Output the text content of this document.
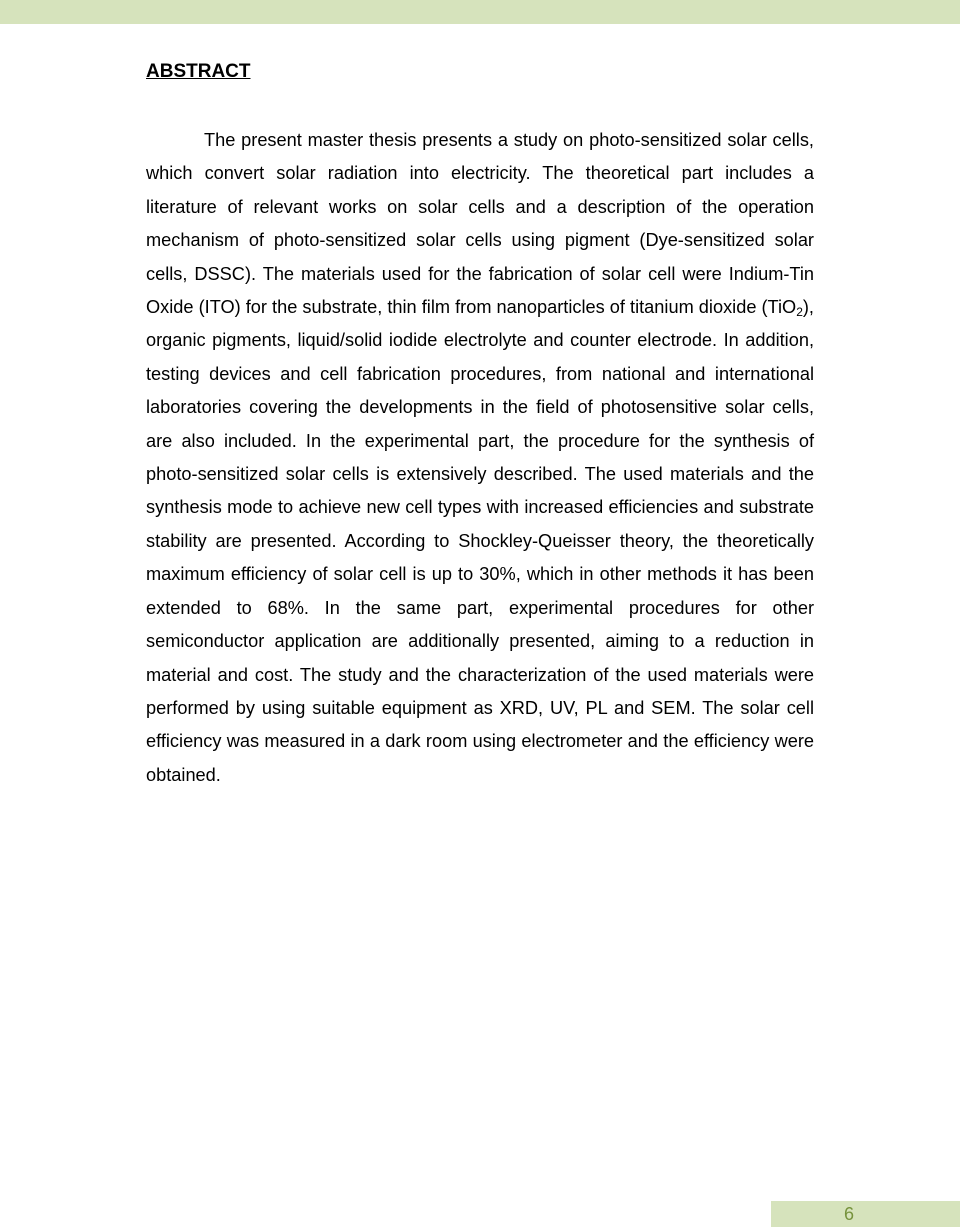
ABSTRACT

The present master thesis presents a study on photo-sensitized solar cells, which convert solar radiation into electricity. The theoretical part includes a literature of relevant works on solar cells and a description of the operation mechanism of photo-sensitized solar cells using pigment (Dye-sensitized solar cells, DSSC). The materials used for the fabrication of solar cell were Indium-Tin Oxide (ITO) for the substrate, thin film from nanoparticles of titanium dioxide (TiO$_2$), organic pigments, liquid/solid iodide electrolyte and counter electrode. In addition, testing devices and cell fabrication procedures, from national and international laboratories covering the developments in the field of photosensitive solar cells, are also included. In the experimental part, the procedure for the synthesis of photo-sensitized solar cells is extensively described. The used materials and the synthesis mode to achieve new cell types with increased efficiencies and substrate stability are presented. According to Shockley-Queisser theory, the theoretically maximum efficiency of solar cell is up to 30%, which in other methods it has been extended to 68%. In the same part, experimental procedures for other semiconductor application are additionally presented, aiming to a reduction in material and cost. The study and the characterization of the used materials were performed by using suitable equipment as XRD, UV, PL and SEM. The solar cell efficiency was measured in a dark room using electrometer and the efficiency were obtained.

6
